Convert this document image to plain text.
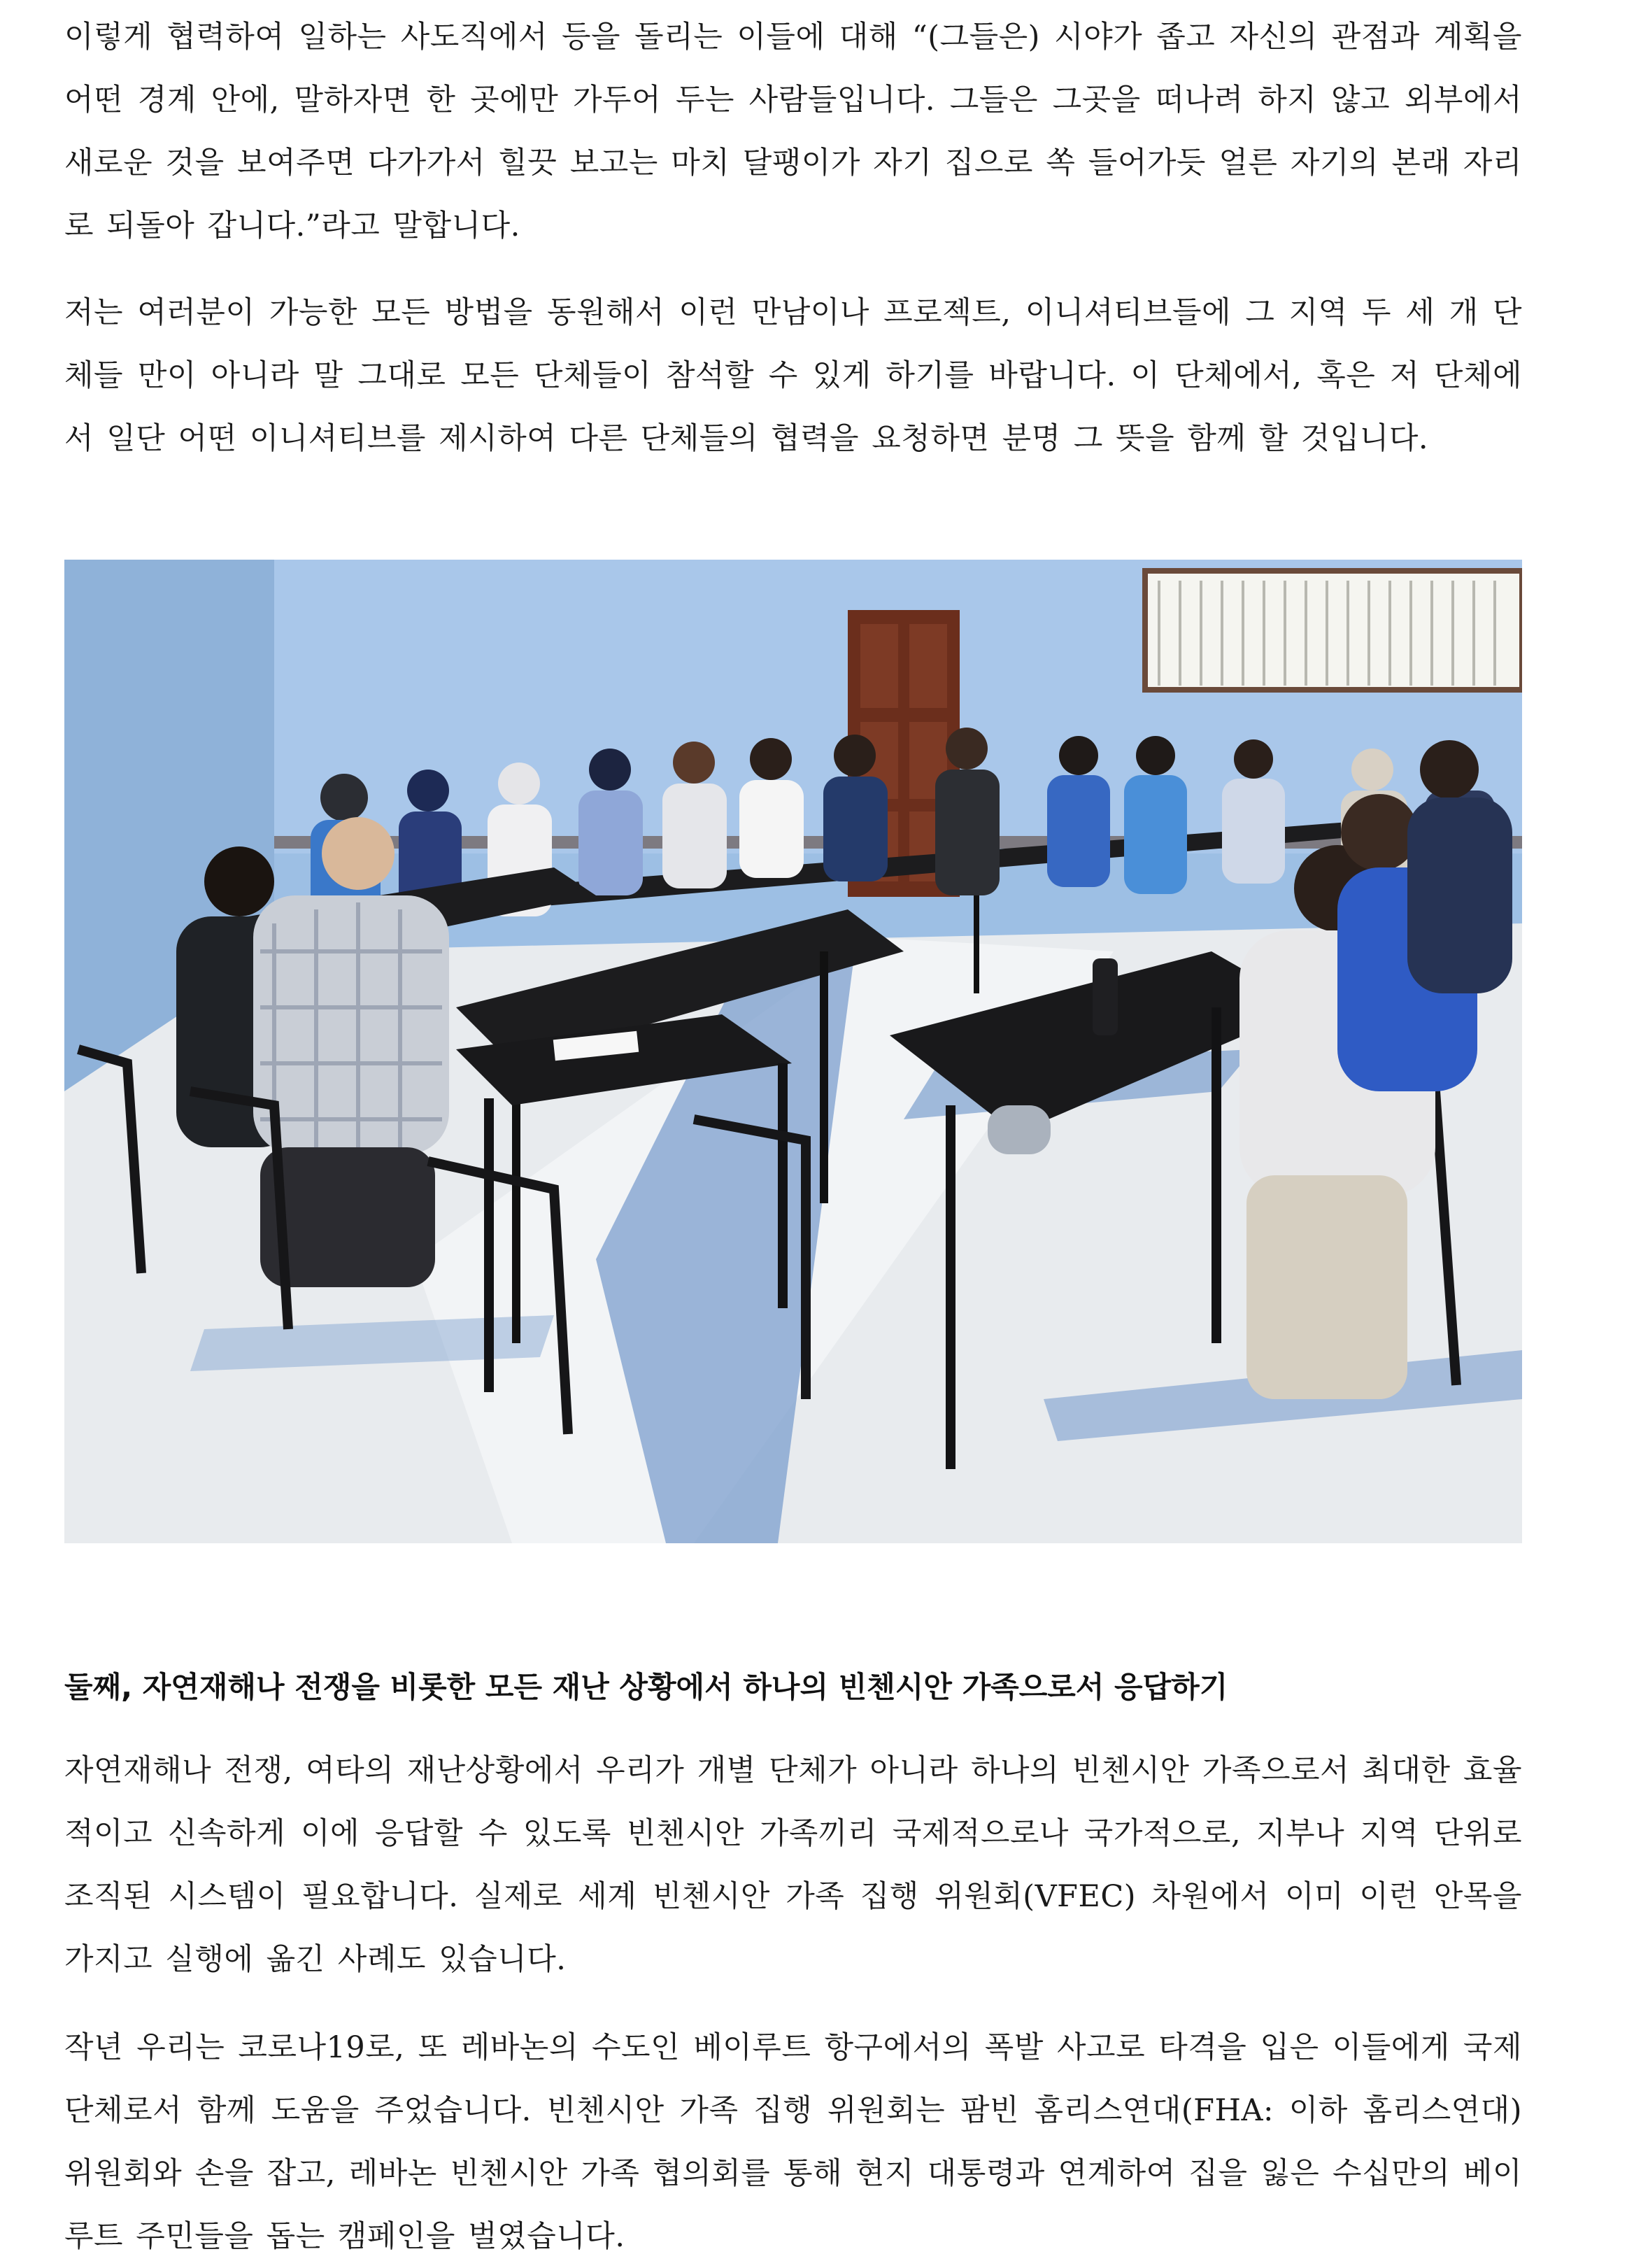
이렇게 협력하여 일하는 사도직에서 등을 돌리는 이들에 대해 “(그들은) 시야가 좁고 자신의 관점과 계획을 어떤 경계 안에, 말하자면 한 곳에만 가두어 두는 사람들입니다. 그들은 그곳을 떠나려 하지 않고 외부에서 새로운 것을 보여주면 다가가서 힐끗 보고는 마치 달팽이가 자기 집으로 쏙 들어가듯 얼른 자기의 본래 자리로 되돌아 갑니다.”라고 말합니다.

저는 여러분이 가능한 모든 방법을 동원해서 이런 만남이나 프로젝트, 이니셔티브들에 그 지역 두 세 개 단체들 만이 아니라 말 그대로 모든 단체들이 참석할 수 있게 하기를 바랍니다. 이 단체에서, 혹은 저 단체에서 일단 어떤 이니셔티브를 제시하여 다른 단체들의 협력을 요청하면 분명 그 뜻을 함께 할 것입니다.

둘째, 자연재해나 전쟁을 비롯한 모든 재난 상황에서 하나의 빈첸시안 가족으로서 응답하기

자연재해나 전쟁, 여타의 재난상황에서 우리가 개별 단체가 아니라 하나의 빈첸시안 가족으로서 최대한 효율적이고 신속하게 이에 응답할 수 있도록 빈첸시안 가족끼리 국제적으로나 국가적으로, 지부나 지역 단위로 조직된 시스템이 필요합니다. 실제로 세계 빈첸시안 가족 집행 위원회(VFEC) 차원에서 이미 이런 안목을 가지고 실행에 옮긴 사례도 있습니다.

작년 우리는 코로나19로, 또 레바논의 수도인 베이루트 항구에서의 폭발 사고로 타격을 입은 이들에게 국제 단체로서 함께 도움을 주었습니다. 빈첸시안 가족 집행 위원회는 팜빈 홈리스연대(FHA: 이하 홈리스연대) 위원회와 손을 잡고, 레바논 빈첸시안 가족 협의회를 통해 현지 대통령과 연계하여 집을 잃은 수십만의 베이루트 주민들을 돕는 캠페인을 벌였습니다.
